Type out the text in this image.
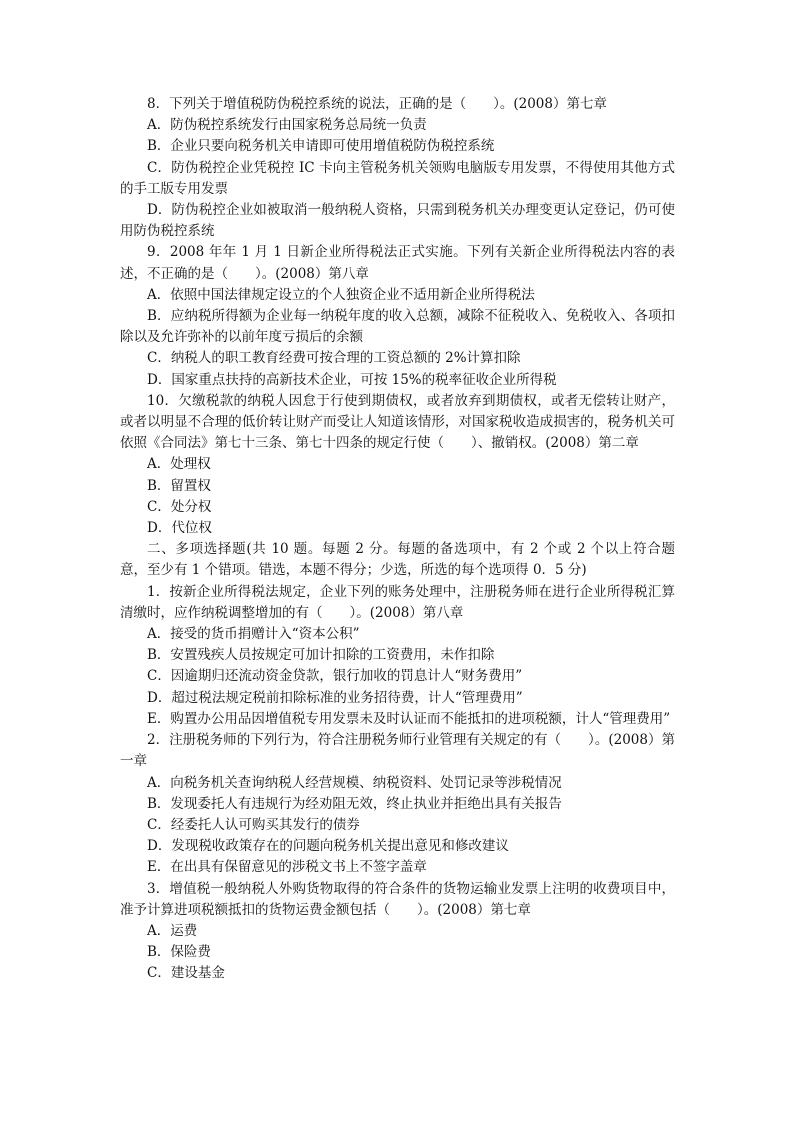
8．下列关于增值税防伪税控系统的说法，正确的是（　　）。(2008）第七章

A．防伪税控系统发行由国家税务总局统一负责

B．企业只要向税务机关申请即可使用增值税防伪税控系统

C．防伪税控企业凭税控 IC 卡向主管税务机关领购电脑版专用发票，不得使用其他方式的手工版专用发票

D．防伪税控企业如被取消一般纳税人资格，只需到税务机关办理变更认定登记，仍可使用防伪税控系统

9．2008 年年 1 月 1 日新企业所得税法正式实施。下列有关新企业所得税法内容的表述，不正确的是（　　）。(2008）第八章

A．依照中国法律规定设立的个人独资企业不适用新企业所得税法

B．应纳税所得额为企业每一纳税年度的收入总额，减除不征税收入、免税收入、各项扣除以及允许弥补的以前年度亏损后的余额

C．纳税人的职工教育经费可按合理的工资总额的 2%计算扣除

D．国家重点扶持的高新技术企业，可按 15%的税率征收企业所得税

10．欠缴税款的纳税人因怠于行使到期债权，或者放弃到期债权，或者无偿转让财产，或者以明显不合理的低价转让财产而受让人知道该情形，对国家税收造成损害的，税务机关可依照《合同法》第七十三条、第七十四条的规定行使（　　）、撤销权。(2008）第二章

A．处理权

B．留置权

C．处分权

D．代位权

二、多项选择题(共 10 题。每题 2 分。每题的备选项中，有 2 个或 2 个以上符合题意，至少有 1 个错项。错选，本题不得分；少选，所选的每个选项得 0．5 分)

1．按新企业所得税法规定，企业下列的账务处理中，注册税务师在进行企业所得税汇算清缴时，应作纳税调整增加的有（　　）。(2008）第八章

A．接受的货币捐赠计入“资本公积”

B．安置残疾人员按规定可加计扣除的工资费用，未作扣除

C．因逾期归还流动资金贷款，银行加收的罚息计人“财务费用”

D．超过税法规定税前扣除标准的业务招待费，计人“管理费用”

E．购置办公用品因增值税专用发票未及时认证而不能抵扣的进项税额，计人“管理费用”

2．注册税务师的下列行为，符合注册税务师行业管理有关规定的有（　　）。(2008）第一章

A．向税务机关查询纳税人经营规模、纳税资料、处罚记录等涉税情况

B．发现委托人有违规行为经劝阻无效，终止执业并拒绝出具有关报告

C．经委托人认可购买其发行的债券

D．发现税收政策存在的问题向税务机关提出意见和修改建议

E．在出具有保留意见的涉税文书上不签字盖章

3．增值税一般纳税人外购货物取得的符合条件的货物运输业发票上注明的收费项目中，准予计算进项税额抵扣的货物运费金额包括（　　）。(2008）第七章

A．运费

B．保险费

C．建设基金
